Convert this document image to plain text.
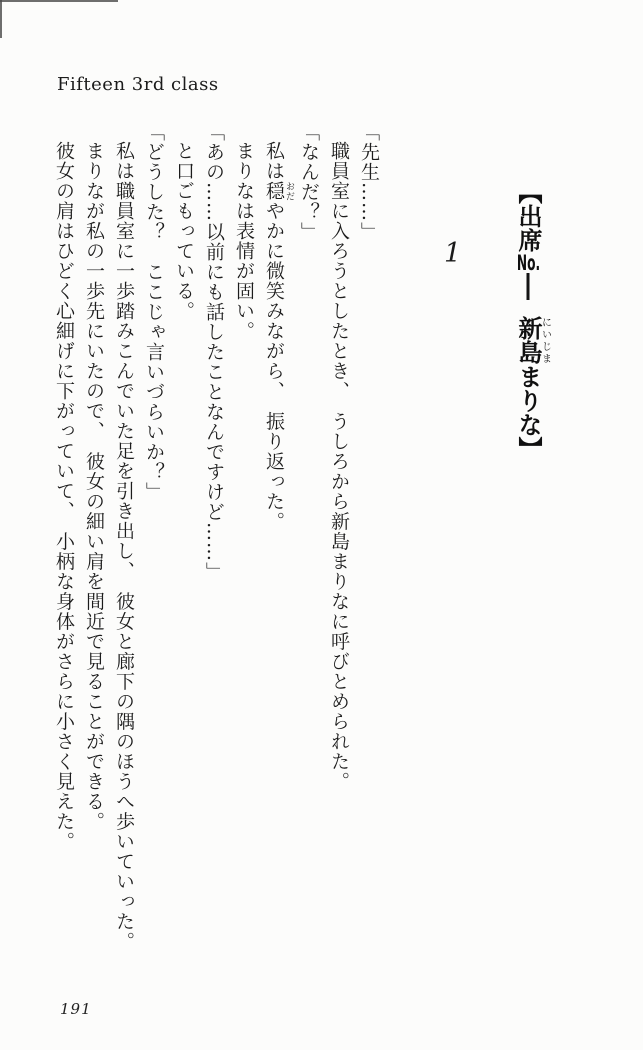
Fifteen 3rd class
【出席No.新島にいじままりな】
1

「先生……」

職員室に入ろうとしたとき、　うしろから新島まりなに呼びとめられた。

「なんだ？」

私は穏 おだやかに微笑みながら、　振り返った。

まりなは表情が固い。

「あの……以前にも話したことなんですけど……」

と口ごもっている。

「どうした？　ここじゃ言いづらいか？」

私は職員室に一歩踏みこんでいた足を引き出し、　彼女と廊下の隅のほうへ歩いていった。

まりなが私の一歩先にいたので、　彼女の細い肩を間近で見ることができる。

彼女の肩はひどく心細げに下がっていて、　小柄な身体がさらに小さく見えた。

191
